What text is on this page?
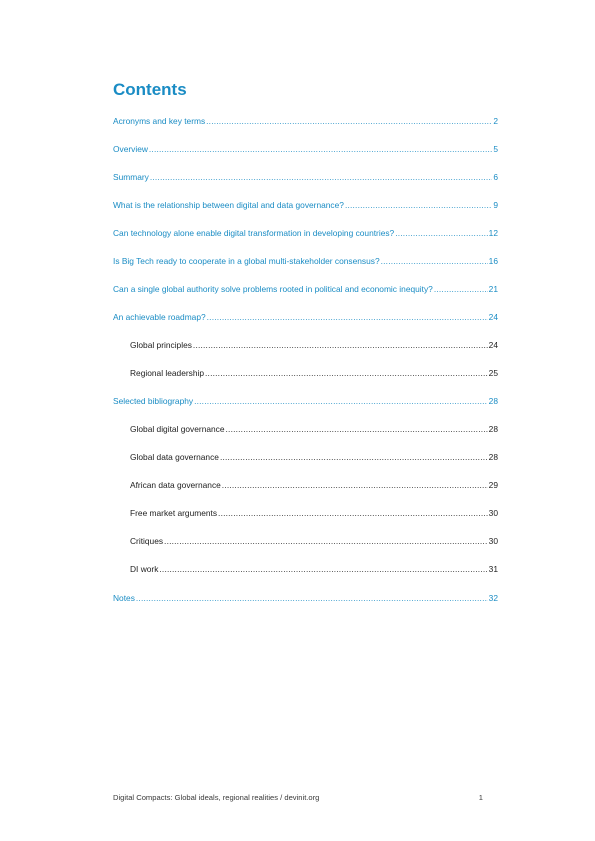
Contents
Acronyms and key terms .....	2
Overview .....	5
Summary .....	6
What is the relationship between digital and data governance? .....	9
Can technology alone enable digital transformation in developing countries? .....	12
Is Big Tech ready to cooperate in a global multi-stakeholder consensus? .....	16
Can a single global authority solve problems rooted in political and economic inequity? .....	21
An achievable roadmap? .....	24
Global principles .....	24
Regional leadership .....	25
Selected bibliography .....	28
Global digital governance .....	28
Global data governance .....	28
African data governance .....	29
Free market arguments .....	30
Critiques .....	30
DI work .....	31
Notes .....	32
Digital Compacts: Global ideals, regional realities / devinit.org	1
